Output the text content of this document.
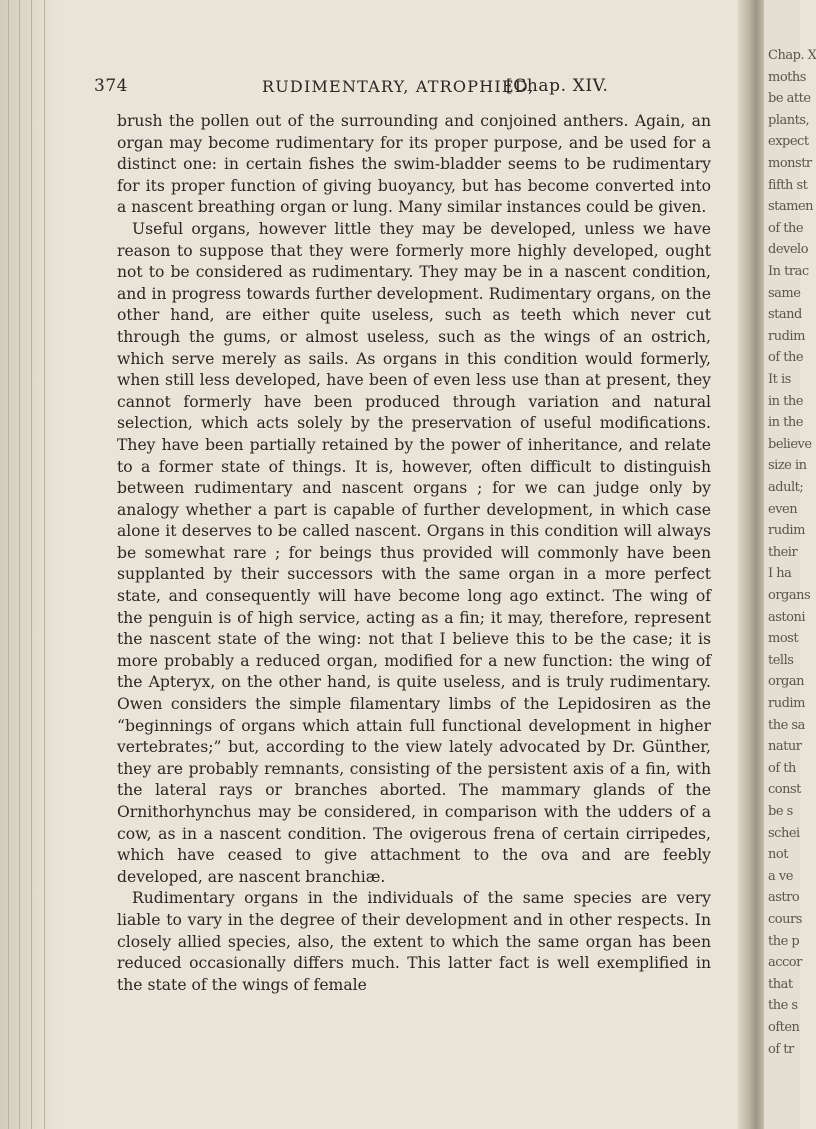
374	RUDIMENTARY, ATROPHIED,
[Chap. XIV.

brush the pollen out of the surrounding and conjoined anthers. Again, an organ may become rudimentary for its proper purpose, and be used for a distinct one: in certain fishes the swim-bladder seems to be rudimentary for its proper function of giving buoyancy, but has become converted into a nascent breathing organ or lung. Many similar instances could be given.

Useful organs, however little they may be developed, unless we have reason to suppose that they were formerly more highly developed, ought not to be considered as rudimentary. They may be in a nascent condition, and in progress towards further development. Rudimentary organs, on the other hand, are either quite useless, such as teeth which never cut through the gums, or almost useless, such as the wings of an ostrich, which serve merely as sails. As organs in this condition would formerly, when still less developed, have been of even less use than at present, they cannot formerly have been produced through variation and natural selection, which acts solely by the preservation of useful modifications. They have been partially retained by the power of inheritance, and relate to a former state of things. It is, however, often difficult to distinguish between rudimentary and nascent organs ; for we can judge only by analogy whether a part is capable of further development, in which case alone it deserves to be called nascent. Organs in this condition will always be somewhat rare ; for beings thus provided will commonly have been supplanted by their successors with the same organ in a more perfect state, and consequently will have become long ago extinct. The wing of the penguin is of high service, acting as a fin; it may, therefore, represent the nascent state of the wing: not that I believe this to be the case; it is more probably a reduced organ, modified for a new function: the wing of the Apteryx, on the other hand, is quite useless, and is truly rudimentary. Owen considers the simple filamentary limbs of the Lepidosiren as the “beginnings of organs which attain full functional development in higher vertebrates;” but, according to the view lately advocated by Dr. Günther, they are probably remnants, consisting of the persistent axis of a fin, with the lateral rays or branches aborted. The mammary glands of the Ornithorhynchus may be considered, in comparison with the udders of a cow, as in a nascent condition. The ovigerous frena of certain cirripedes, which have ceased to give attachment to the ova and are feebly developed, are nascent branchiæ.

Rudimentary organs in the individuals of the same species are very liable to vary in the degree of their development and in other respects. In closely allied species, also, the extent to which the same organ has been reduced occasionally differs much. This latter fact is well exemplified in the state of the wings of female

Chap. X
moths
be atte
plants,
expect
monstr
fifth st
stamen
of the
develo
In trac
same
stand
rudim
of the
It is
in the
in the
believe
size in
adult;
even
rudim
their
I ha
organs
astoni
most
tells
organ
rudim
the sa
natur
of th
const
be s
schei
not
a ve
astro
cours
the p
accor
that
the s
often
of tr
